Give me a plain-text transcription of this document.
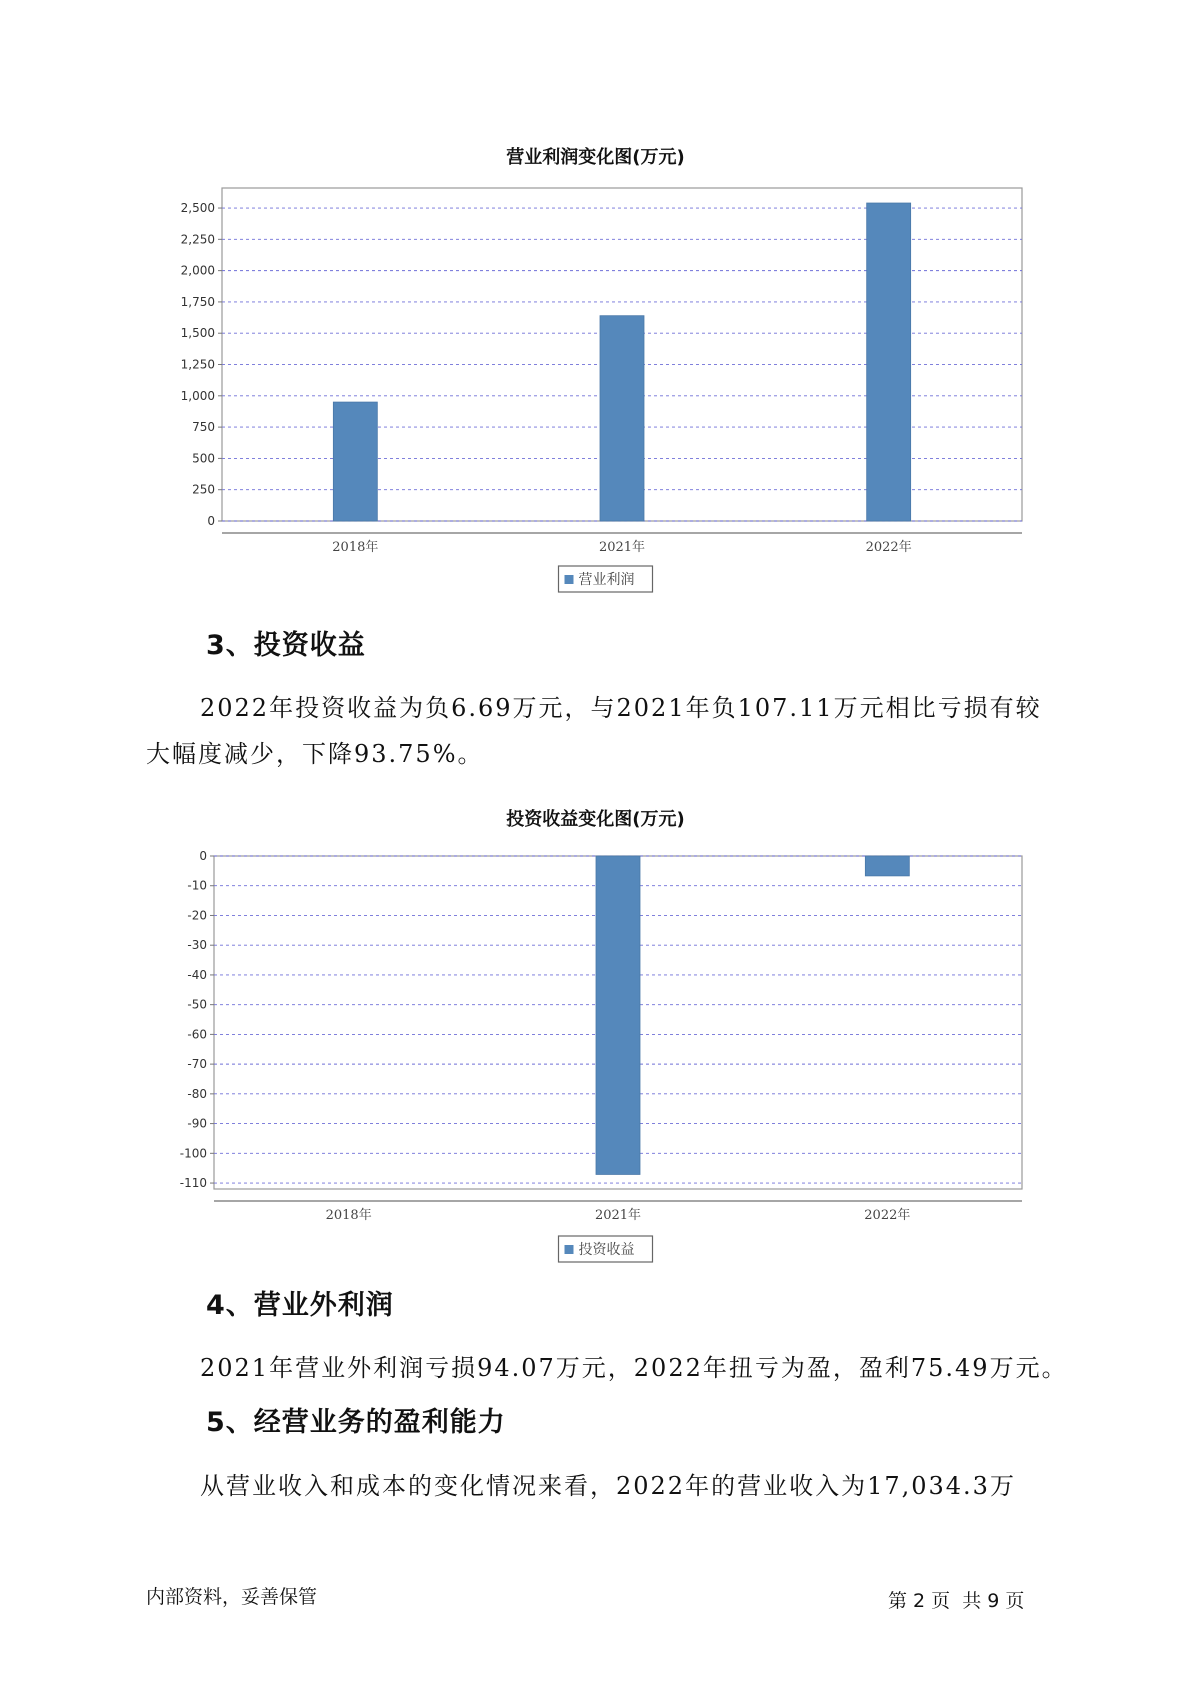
营业利润变化图(万元)
0
250
500
750
1,000
1,250
1,500
1,750
2,000
2,250
2,500
2018年	2021年	2022年
营业利润
3、投资收益
2022年投资收益为负6.69万元，与2021年负107.11万元相比亏损有较
大幅度减少，下降93.75%。
投资收益变化图(万元)
0
-10
-20
-30
-40
-50
-60
-70
-80
-90
-100
-110
2018年	2021年	2022年
投资收益
4、营业外利润
2021年营业外利润亏损94.07万元，2022年扭亏为盈，盈利75.49万元。
5、经营业务的盈利能力
从营业收入和成本的变化情况来看，2022年的营业收入为17,034.3万
内部资料，妥善保管	第 2 页  共 9 页
